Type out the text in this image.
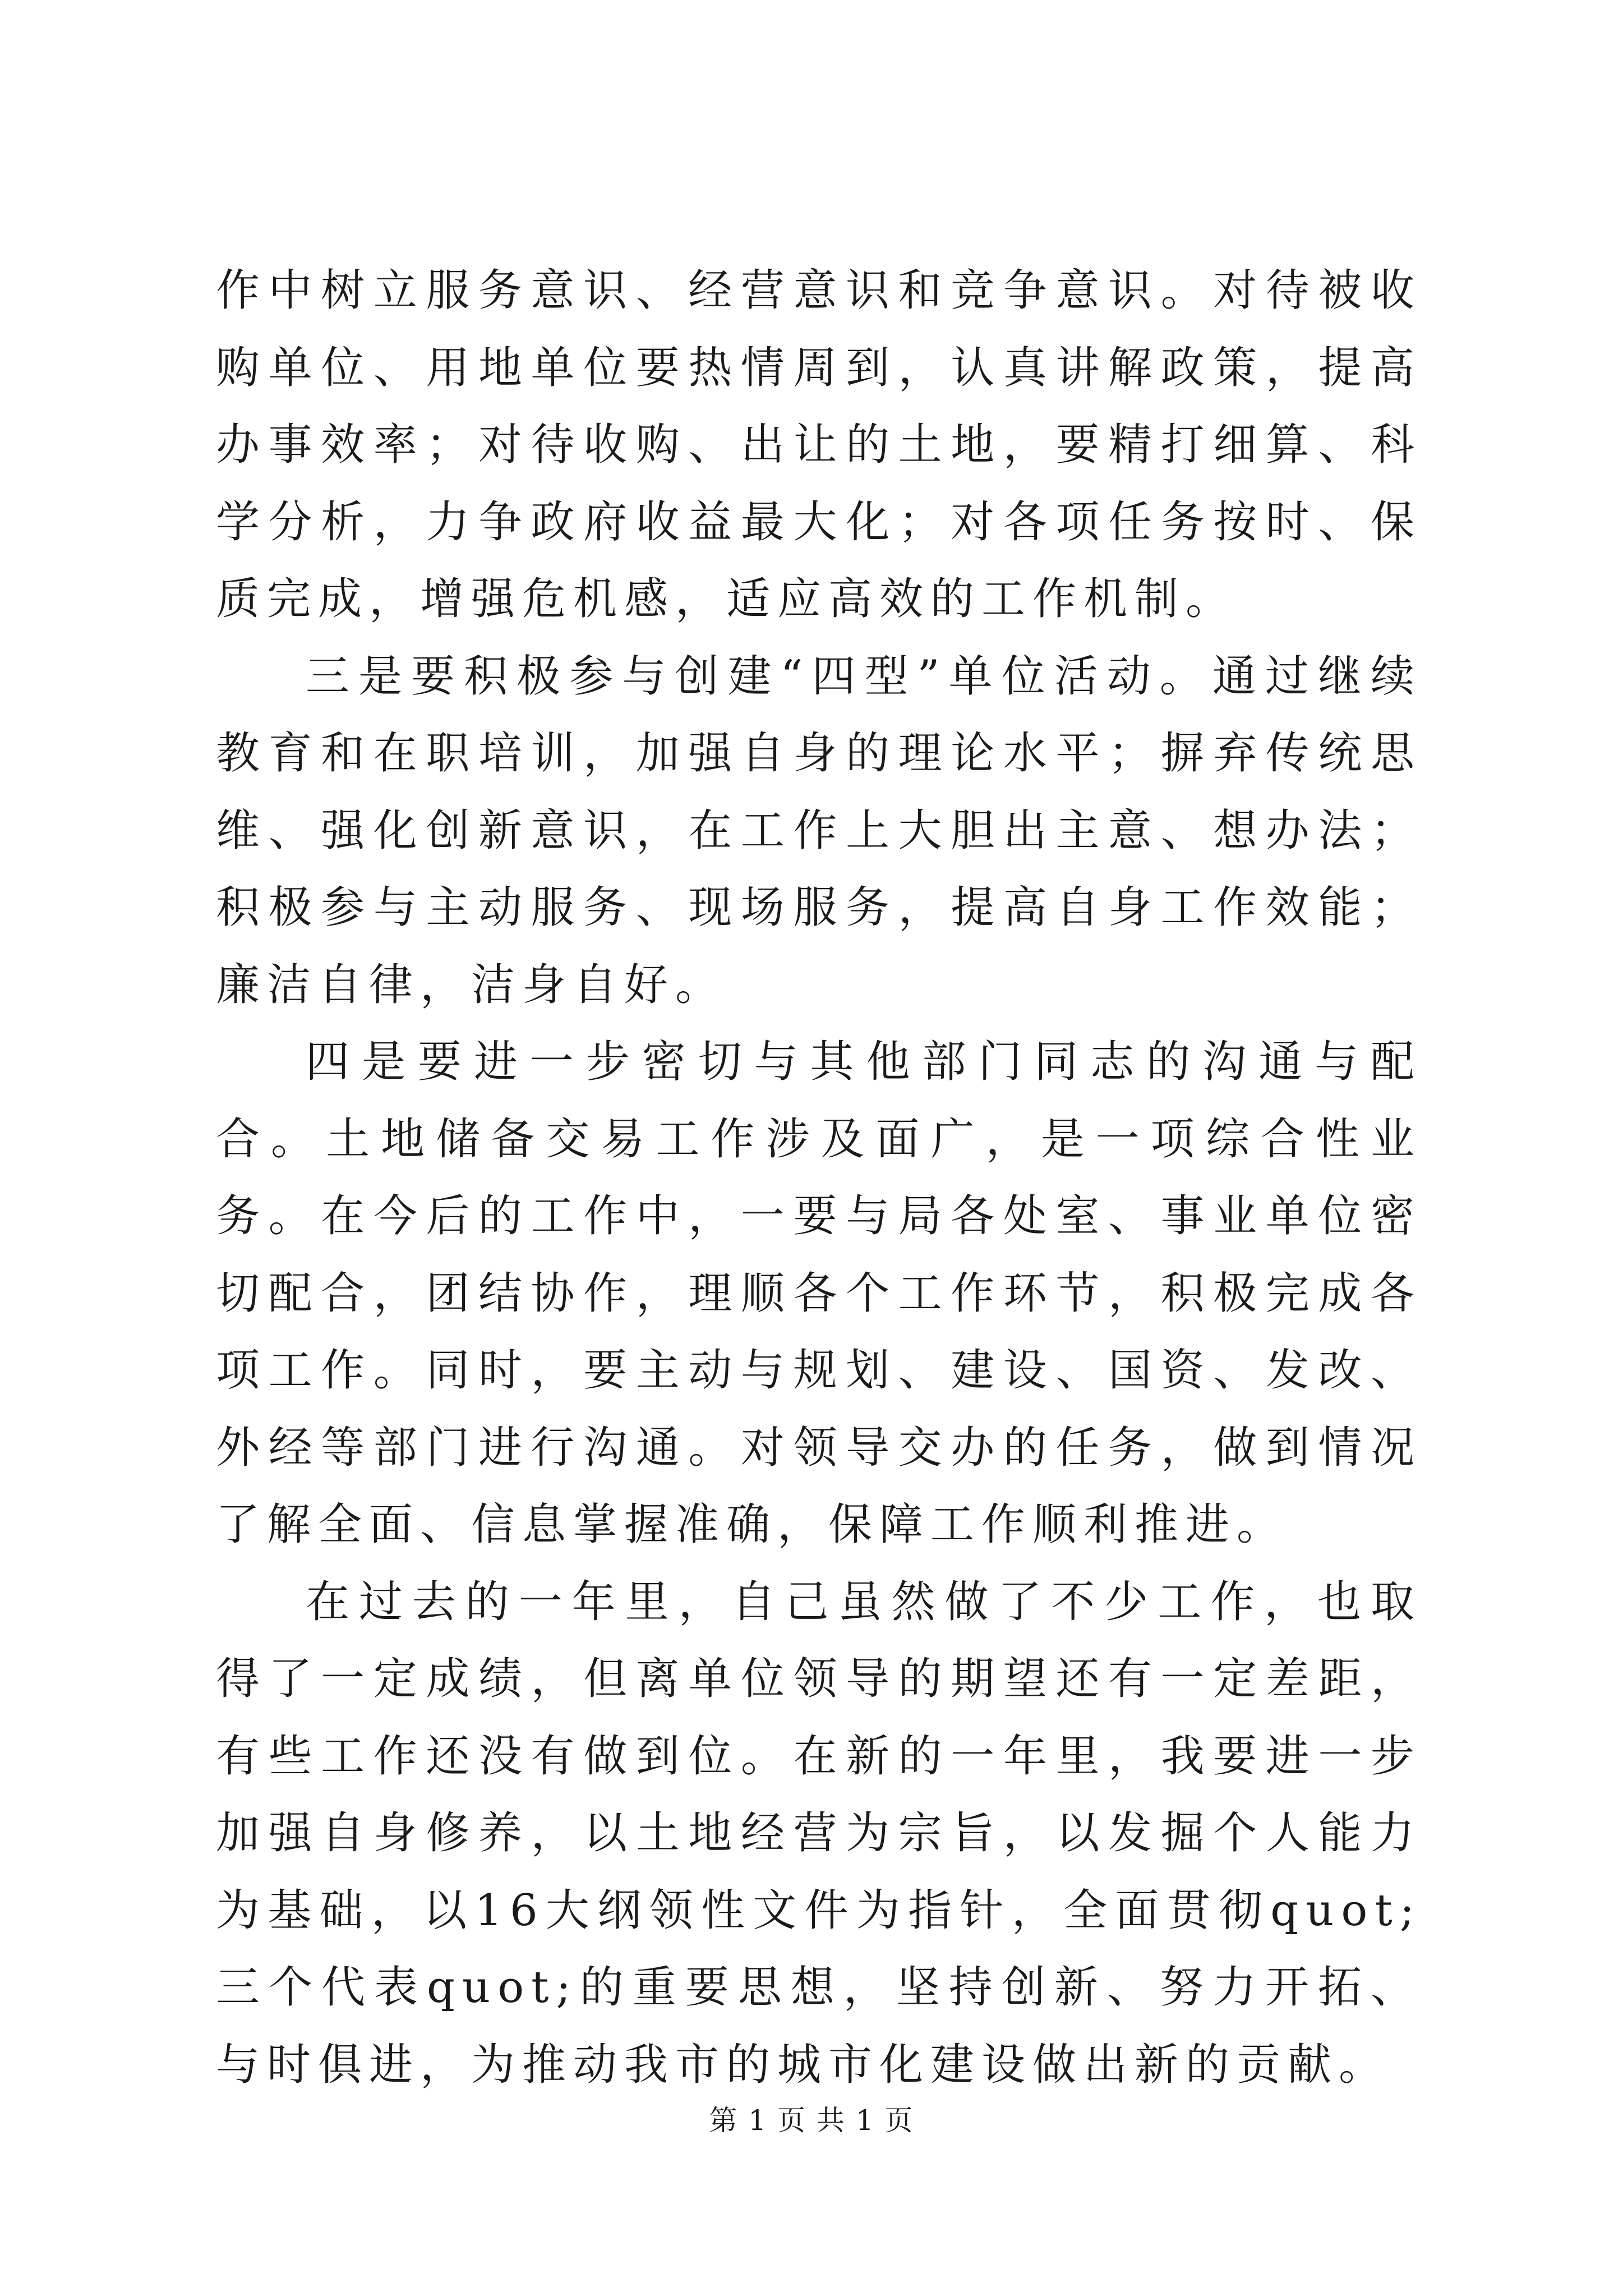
作中树立服务意识、经营意识和竞争意识。对待被收购单位、用地单位要热情周到，认真讲解政策，提高办事效率；对待收购、出让的土地，要精打细算、科学分析，力争政府收益最大化；对各项任务按时、保质完成，增强危机感，适应高效的工作机制。

三是要积极参与创建“四型”单位活动。通过继续教育和在职培训，加强自身的理论水平；摒弃传统思维、强化创新意识，在工作上大胆出主意、想办法；积极参与主动服务、现场服务，提高自身工作效能；廉洁自律，洁身自好。

四是要进一步密切与其他部门同志的沟通与配合。土地储备交易工作涉及面广，是一项综合性业务。在今后的工作中，一要与局各处室、事业单位密切配合，团结协作，理顺各个工作环节，积极完成各项工作。同时，要主动与规划、建设、国资、发改、外经等部门进行沟通。对领导交办的任务，做到情况了解全面、信息掌握准确，保障工作顺利推进。

在过去的一年里，自己虽然做了不少工作，也取得了一定成绩，但离单位领导的期望还有一定差距，有些工作还没有做到位。在新的一年里，我要进一步加强自身修养，以土地经营为宗旨，以发掘个人能力为基础，以16大纲领性文件为指针，全面贯彻quot;三个代表quot;的重要思想，坚持创新、努力开拓、与时俱进，为推动我市的城市化建设做出新的贡献。

第 1 页 共 1 页
